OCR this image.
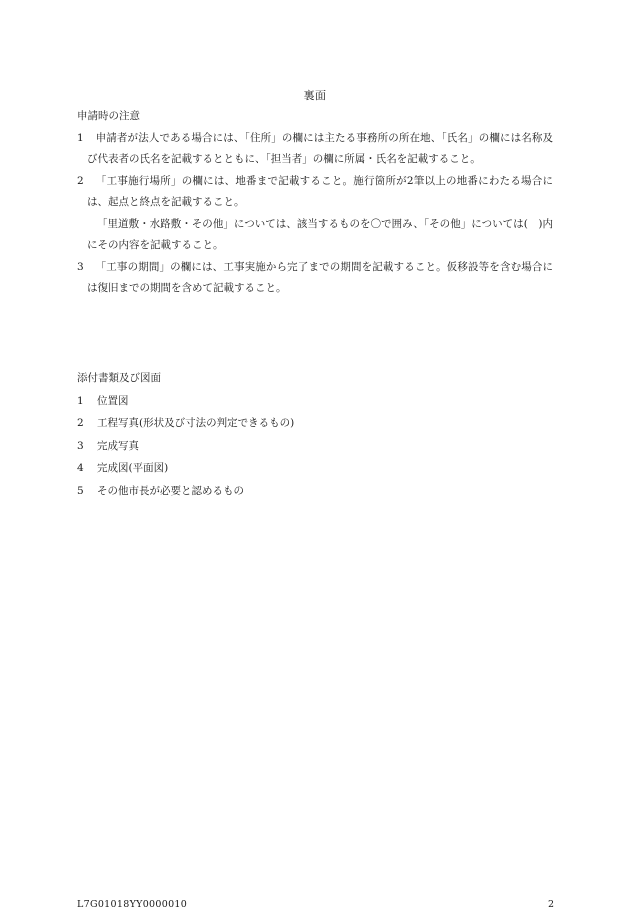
裏面

申請時の注意

1　  申請者が法人である場合には、「住所」の欄には主たる事務所の所在地、「氏名」の欄には名称及び代表者の氏名を記載するとともに、「担当者」の欄に所属・氏名を記載すること。

2　  「工事施行場所」の欄には、地番まで記載すること。施行箇所が2筆以上の地番にわたる場合には、起点と終点を記載すること。

「里道敷・水路敷・その他」については、該当するものを〇で囲み、「その他」については(　)内にその内容を記載すること。

3　  「工事の期間」の欄には、工事実施から完了までの期間を記載すること。仮移設等を含む場合には復旧までの期間を含めて記載すること。

添付書類及び図面

1 位置図
2 工程写真(形状及び寸法の判定できるもの)
3 完成写真
4 完成図(平面図)
5 その他市長が必要と認めるもの
L7G01018YY0000010	2
